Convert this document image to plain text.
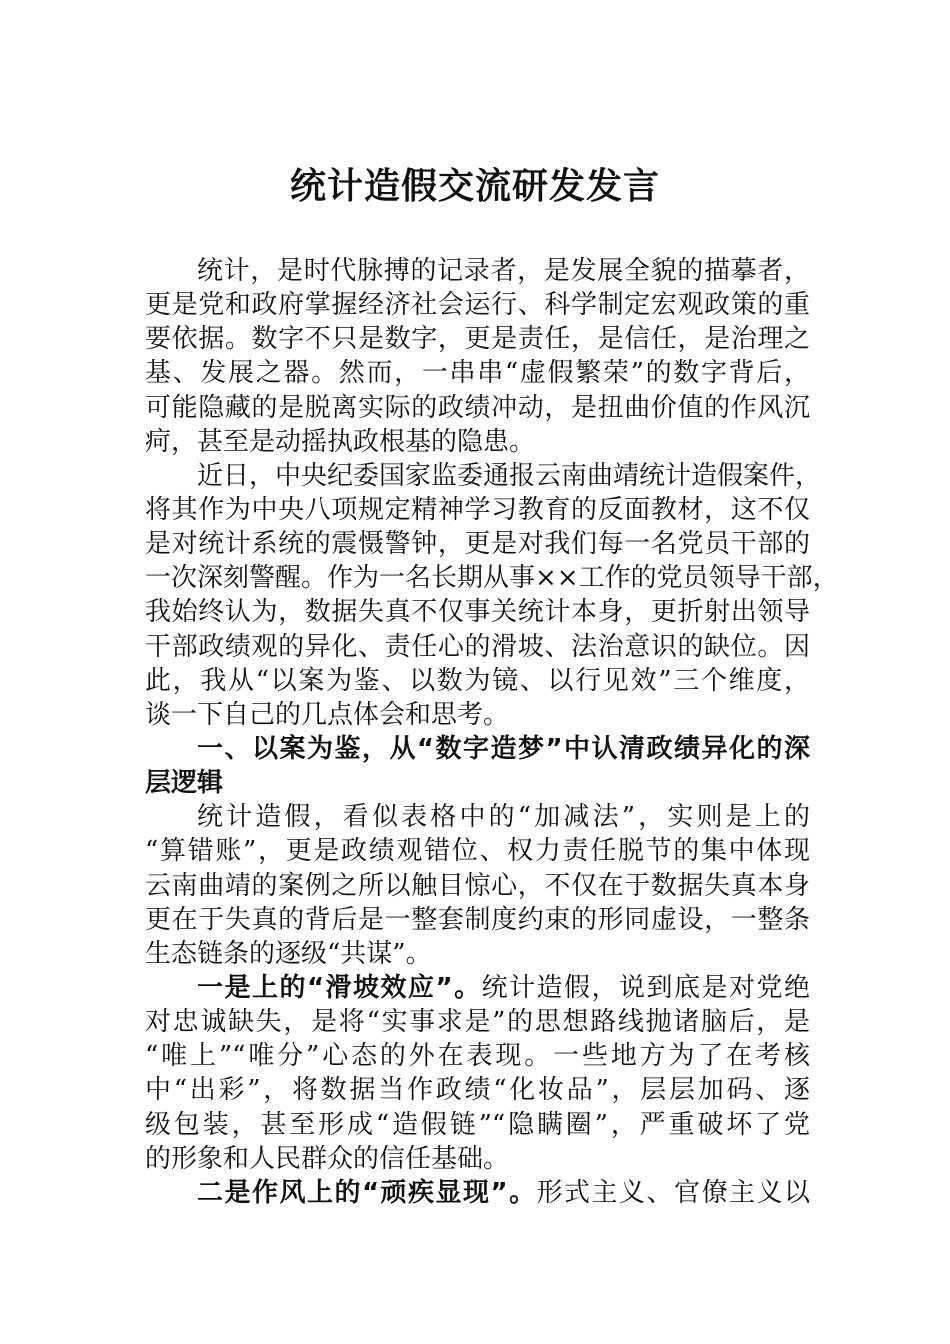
统计造假交流研发发言
统计，是时代脉搏的记录者，是发展全貌的描摹者，
更是党和政府掌握经济社会运行、科学制定宏观政策的重
要依据。数字不只是数字，更是责任，是信任，是治理之
基、发展之器。然而，一串串“虚假繁荣”的数字背后，
可能隐藏的是脱离实际的政绩冲动，是扭曲价值的作风沉
疴，甚至是动摇执政根基的隐患。
近日，中央纪委国家监委通报云南曲靖统计造假案件，
将其作为中央八项规定精神学习教育的反面教材，这不仅
是对统计系统的震慑警钟，更是对我们每一名党员干部的
一次深刻警醒。作为一名长期从事××工作的党员领导干部，
我始终认为，数据失真不仅事关统计本身，更折射出领导
干部政绩观的异化、责任心的滑坡、法治意识的缺位。因
此，我从“以案为鉴、以数为镜、以行见效”三个维度，
谈一下自己的几点体会和思考。
一、以案为鉴，从“数字造梦”中认清政绩异化的深
层逻辑
统计造假，看似表格中的“加减法”，实则是上的
“算错账”，更是政绩观错位、权力责任脱节的集中体现
云南曲靖的案例之所以触目惊心，不仅在于数据失真本身
更在于失真的背后是一整套制度约束的形同虚设，一整条
生态链条的逐级“共谋”。
一是上的“滑坡效应”。统计造假，说到底是对党绝
对忠诚缺失，是将“实事求是”的思想路线抛诸脑后，是
“唯上”“唯分”心态的外在表现。一些地方为了在考核
中“出彩”，将数据当作政绩“化妆品”，层层加码、逐
级包装，甚至形成“造假链”“隐瞒圈”，严重破坏了党
的形象和人民群众的信任基础。
二是作风上的“顽疾显现”。形式主义、官僚主义以
